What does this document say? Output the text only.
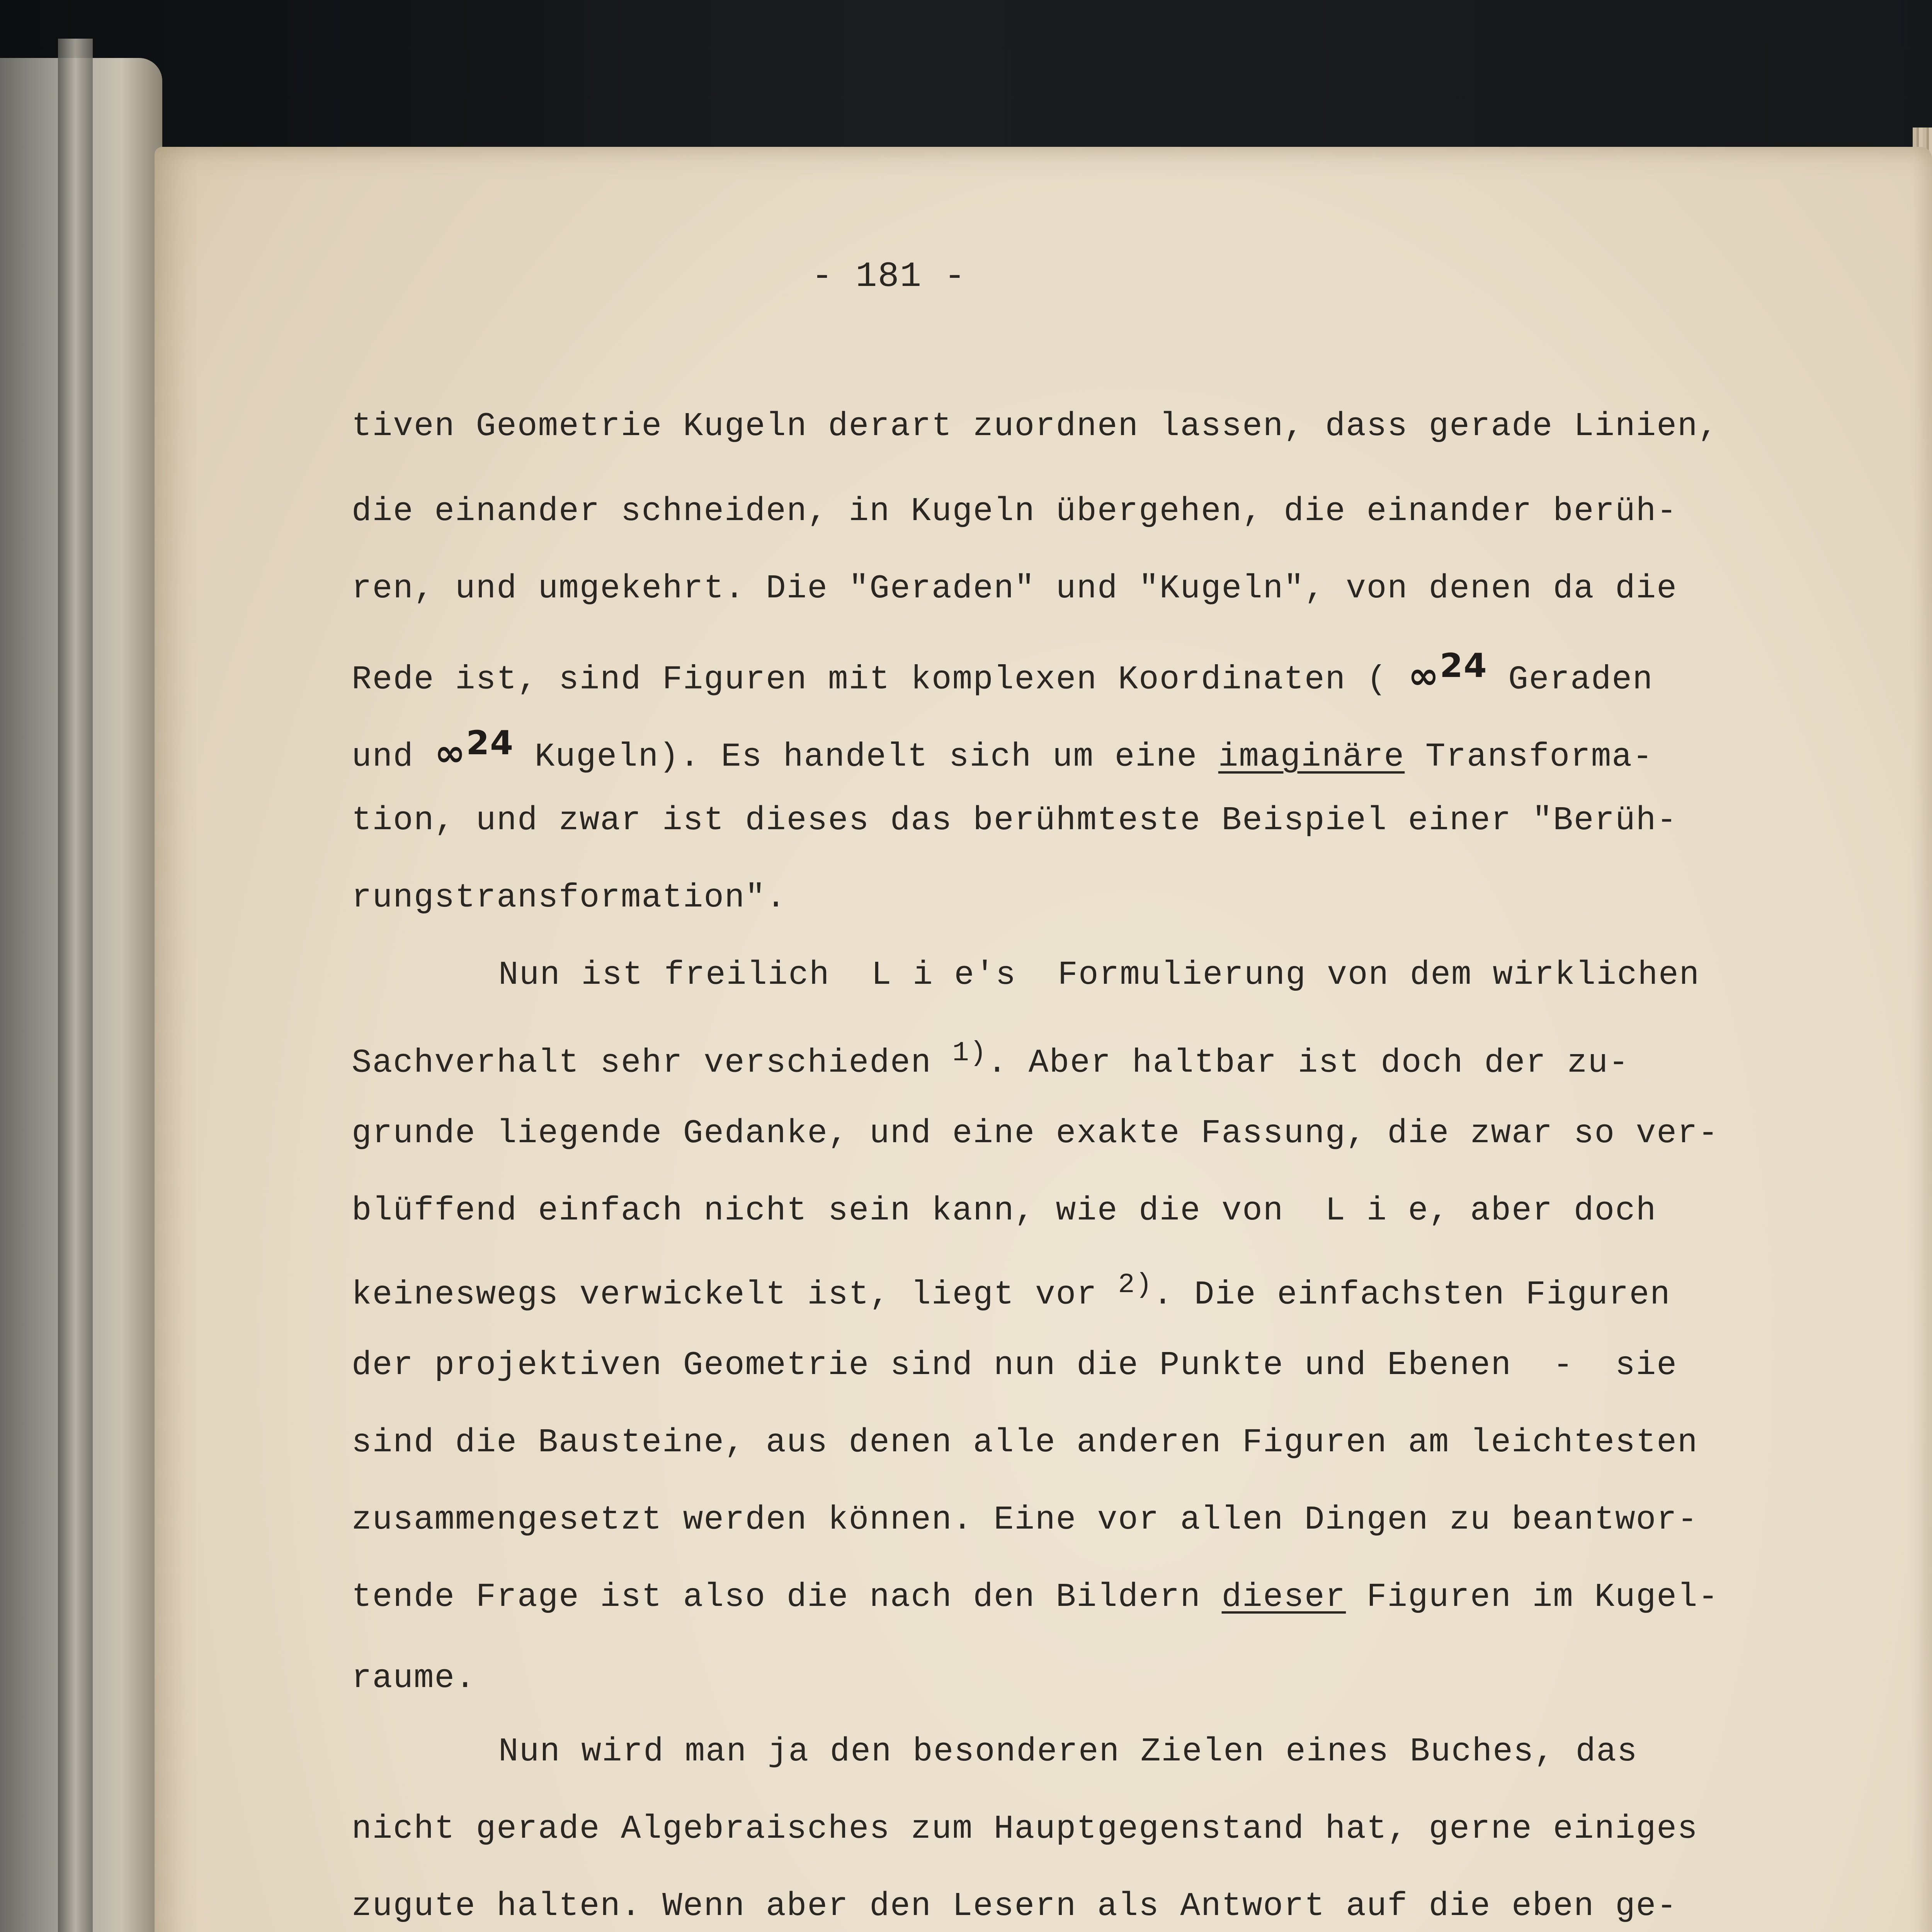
- 181 -

tiven Geometrie Kugeln derart zuordnen lassen, dass gerade Linien,

die einander schneiden, in Kugeln übergehen, die einander berüh-

ren, und umgekehrt. Die "Geraden" und "Kugeln", von denen da die

Rede ist, sind Figuren mit komplexen Koordinaten ( ∞$^{24}$ Geraden

und ∞$^{24}$ Kugeln). Es handelt sich um eine imaginäre Transforma-

tion, und zwar ist dieses das berühmteste Beispiel einer "Berüh-

rungstransformation".

Nun ist freilich  L i e's  Formulierung von dem wirklichen

Sachverhalt sehr verschieden $^{1)}$. Aber haltbar ist doch der zu-

grunde liegende Gedanke, und eine exakte Fassung, die zwar so ver-

blüffend einfach nicht sein kann, wie die von  L i e, aber doch

keineswegs verwickelt ist, liegt vor $^{2)}$. Die einfachsten Figuren

der projektiven Geometrie sind nun die Punkte und Ebenen  -  sie

sind die Bausteine, aus denen alle anderen Figuren am leichtesten

zusammengesetzt werden können. Eine vor allen Dingen zu beantwor-

tende Frage ist also die nach den Bildern dieser Figuren im Kugel-

raume.

Nun wird man ja den besonderen Zielen eines Buches, das

nicht gerade Algebraisches zum Hauptgegenstand hat, gerne einiges

zugute halten. Wenn aber den Lesern als Antwort auf die eben ge-
